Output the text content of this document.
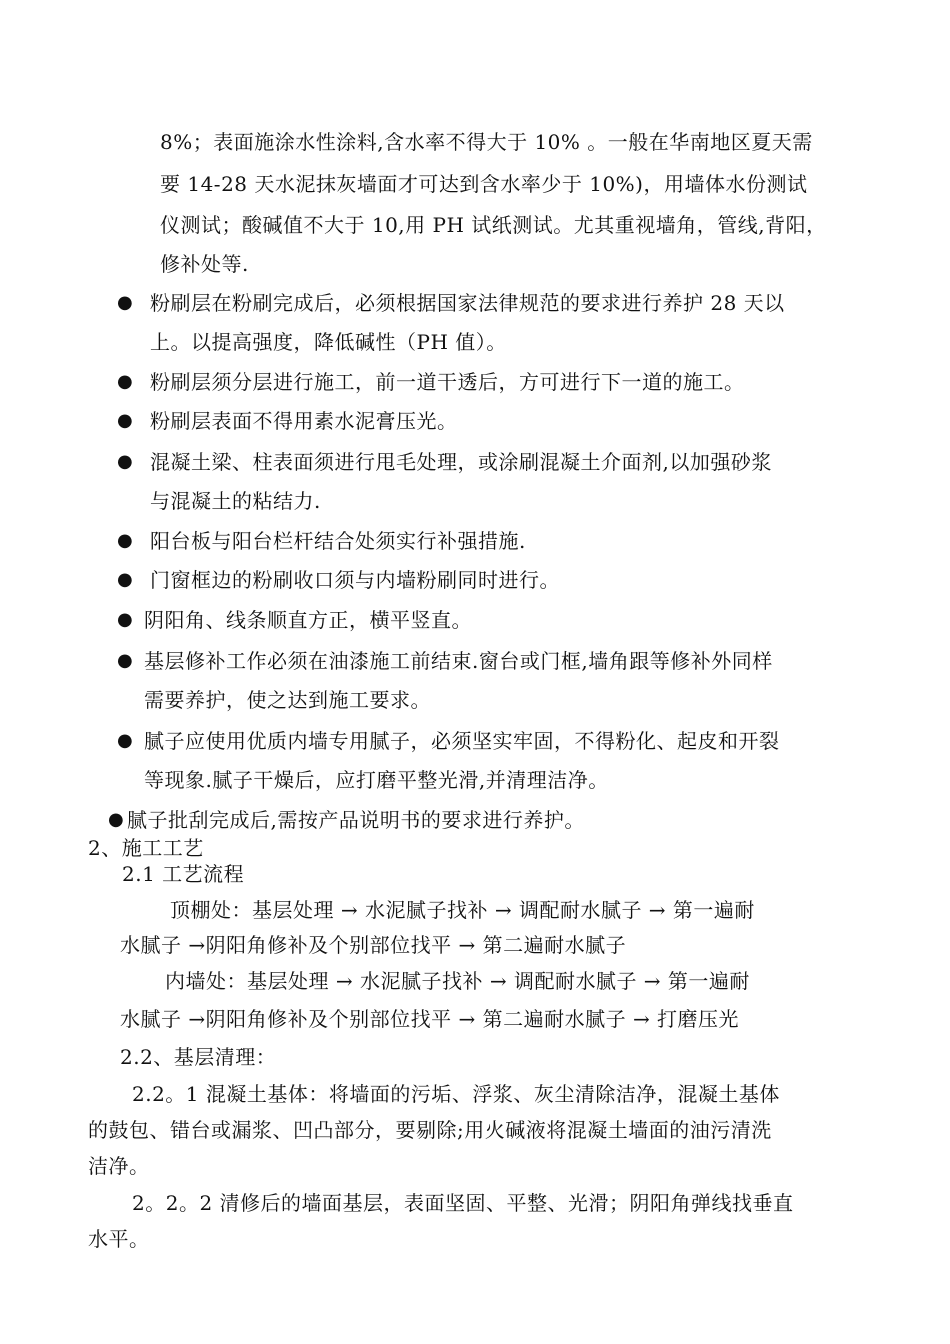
8%；表面施涂水性涂料,含水率不得大于 10% 。一般在华南地区夏天需
要 14-28 天水泥抹灰墙面才可达到含水率少于 10%)，用墙体水份测试
仪测试；酸碱值不大于 10,用 PH 试纸测试。尤其重视墙角，管线,背阳，
修补处等.
● 粉刷层在粉刷完成后，必须根据国家法律规范的要求进行养护 28 天以
上。以提高强度，降低碱性（PH 值）。
● 粉刷层须分层进行施工，前一道干透后，方可进行下一道的施工。
● 粉刷层表面不得用素水泥膏压光。
● 混凝土梁、柱表面须进行甩毛处理，或涂刷混凝土介面剂,以加强砂浆
与混凝土的粘结力.
● 阳台板与阳台栏杆结合处须实行补强措施.
● 门窗框边的粉刷收口须与内墙粉刷同时进行。
● 阴阳角、线条顺直方正，横平竖直。
● 基层修补工作必须在油漆施工前结束.窗台或门框,墙角跟等修补外同样
需要养护，使之达到施工要求。
● 腻子应使用优质内墙专用腻子，必须坚实牢固，不得粉化、起皮和开裂
等现象.腻子干燥后，应打磨平整光滑,并清理洁净。
● 腻子批刮完成后,需按产品说明书的要求进行养护。
2、施工工艺
2.1 工艺流程
顶棚处：基层处理 → 水泥腻子找补 → 调配耐水腻子 → 第一遍耐
水腻子 →阴阳角修补及个别部位找平 → 第二遍耐水腻子
内墙处：基层处理 → 水泥腻子找补 → 调配耐水腻子 → 第一遍耐
水腻子 →阴阳角修补及个别部位找平 → 第二遍耐水腻子 → 打磨压光
2.2、基层清理：
2.2。1 混凝土基体：将墙面的污垢、浮浆、灰尘清除洁净，混凝土基体
的鼓包、错台或漏浆、凹凸部分，要剔除;用火碱液将混凝土墙面的油污清洗
洁净。
2。2。2 清修后的墙面基层，表面坚固、平整、光滑；阴阳角弹线找垂直
水平。
